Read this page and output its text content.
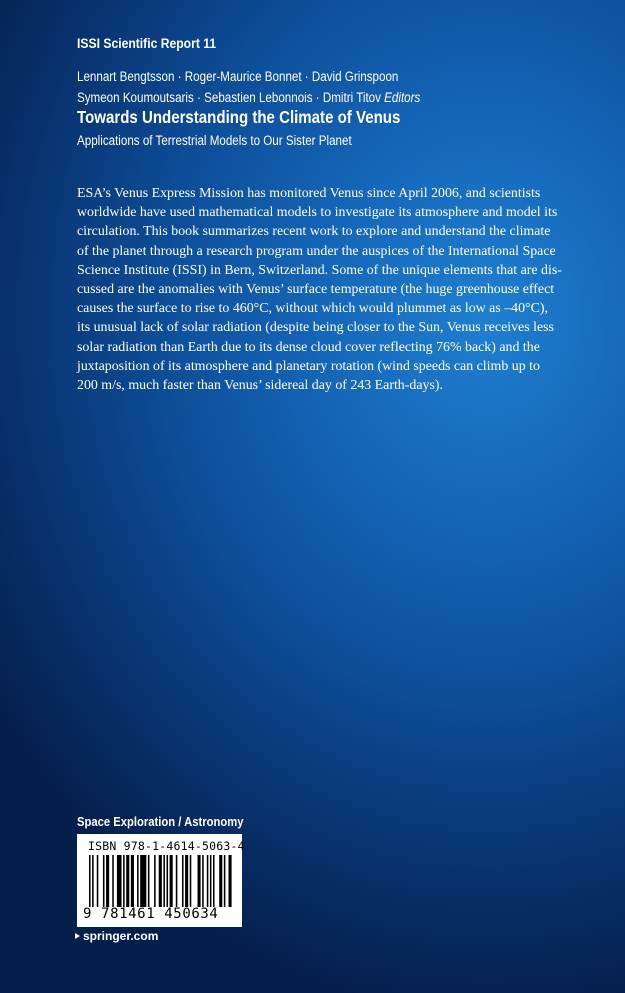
ISSI Scientific Report 11
Lennart Bengtsson · Roger-Maurice Bonnet · David Grinspoon
Symeon Koumoutsaris · Sebastien Lebonnois · Dmitri Titov Editors
Towards Understanding the Climate of Venus
Applications of Terrestrial Models to Our Sister Planet
ESA’s Venus Express Mission has monitored Venus since April 2006, and scientists
worldwide have used mathematical models to investigate its atmosphere and model its
circulation. This book summarizes recent work to explore and understand the climate
of the planet through a research program under the auspices of the International Space
Science Institute (ISSI) in Bern, Switzerland. Some of the unique elements that are dis-
cussed are the anomalies with Venus’ surface temperature (the huge greenhouse effect
causes the surface to rise to 460°C, without which would plummet as low as –40°C),
its unusual lack of solar radiation (despite being closer to the Sun, Venus receives less
solar radiation than Earth due to its dense cloud cover reflecting 76% back) and the
juxtaposition of its atmosphere and planetary rotation (wind speeds can climb up to
200 m/s, much faster than Venus’ sidereal day of 243 Earth-days).
Space Exploration / Astronomy
ISBN 978-1-4614-5063-4
9 781461 450634
springer.com
